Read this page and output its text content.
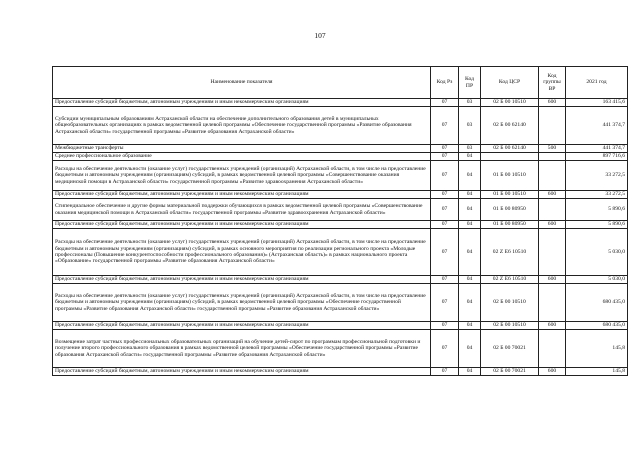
107
Наименование показателя	Код Рз	Код ПР	Код ЦСР	Код группы ВР	2021 год
Предоставление субсидий бюджетным, автономным учреждениям и иным некоммерческим организациям	07	03	02 Б 00 10510	600	163 415,6
Субсидии муниципальным образованиям Астраханской области на обеспечение дополнительного образования детей в муниципальных общеобразовательных организациях в рамках ведомственной целевой программы «Обеспечение государственной программы «Развитие образования Астраханской области» государственной программы «Развитие образования Астраханской области»	07	03	02 Б 00 62140		441 374,7
Межбюджетные трансферты	07	03	02 Б 00 62140	500	441 374,7
Среднее профессиональное образование	07	04			897 716,6
Расходы на обеспечение деятельности (оказание услуг) государственных учреждений (организаций) Астраханской области, в том числе на предоставление бюджетным и автономным учреждениям (организациям) субсидий, в рамках ведомственной целевой программы «Совершенствование оказания медицинской помощи в Астраханской области» государственной программы «Развитие здравоохранения Астраханской области»	07	04	01 Б 00 10510		33 272,5
Предоставление субсидий бюджетным, автономным учреждениям и иным некоммерческим организациям	07	04	01 Б 00 10510	600	33 272,5
Стипендиальное обеспечение и другие формы материальной поддержки обучающихся в рамках ведомственной целевой программы «Совершенствование оказания медицинской помощи в Астраханской области» государственной программы «Развитие здравоохранения Астраханской области»	07	04	01 Б 00 80950		5 890,6
Предоставление субсидий бюджетным, автономным учреждениям и иным некоммерческим организациям	07	04	01 Б 00 80950	600	5 890,6
Расходы на обеспечение деятельности (оказание услуг) государственных учреждений (организаций) Астраханской области, в том числе на предоставление бюджетным и автономным учреждениям (организациям) субсидий, в рамках основного мероприятия по реализации регионального проекта «Молодые профессионалы (Повышение конкурентоспособности профессионального образования)» (Астраханская область)» в рамках национального проекта «Образование» государственной программы «Развитие образования Астраханской области»	07	04	02 Z Е6 10510		5 030,0
Предоставление субсидий бюджетным, автономным учреждениям и иным некоммерческим организациям	07	04	02 Z Е6 10510	600	5 030,0
Расходы на обеспечение деятельности (оказание услуг) государственных учреждений (организаций) Астраханской области, в том числе на предоставление бюджетным и автономным учреждениям (организациям) субсидий, в рамках ведомственной целевой программы «Обеспечение государственной программы «Развитие образования Астраханской области» государственной программы «Развитие образования Астраханской области»	07	04	02 Б 00 10510		680 435,0
Предоставление субсидий бюджетным, автономным учреждениям и иным некоммерческим организациям	07	04	02 Б 00 10510	600	680 435,0
Возмещение затрат частных профессиональных образовательных организаций на обучение детей-сирот по программам профессиональной подготовки и получение второго профессионального образования в рамках ведомственной целевой программы «Обеспечение государственной программы «Развитие образования Астраханской области» государственной программы «Развитие образования Астраханской области»	07	04	02 Б 00 70021		145,8
Предоставление субсидий бюджетным, автономным учреждениям и иным некоммерческим организациям	07	04	02 Б 00 70021	600	145,8
